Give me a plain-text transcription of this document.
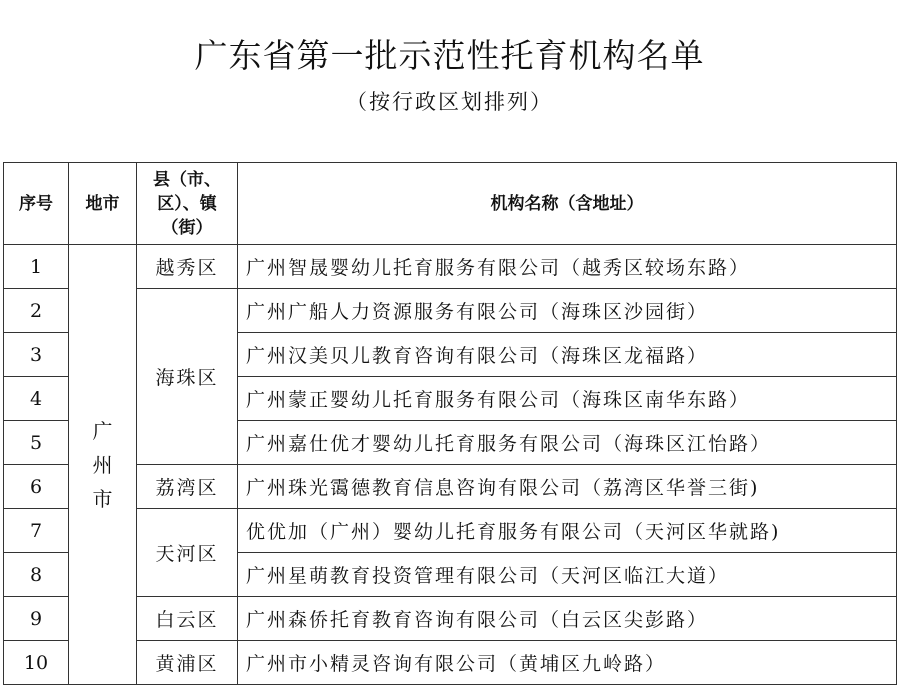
广东省第一批示范性托育机构名单
（按行政区划排列）
序号	地市	县（市、区）、镇（街）	机构名称（含地址）
1	广州市	越秀区	广州智晟婴幼儿托育服务有限公司（越秀区较场东路）
2		海珠区	广州广船人力资源服务有限公司（海珠区沙园街）
3			广州汉美贝儿教育咨询有限公司（海珠区龙福路）
4			广州蒙正婴幼儿托育服务有限公司（海珠区南华东路）
5			广州嘉仕优才婴幼儿托育服务有限公司（海珠区江怡路）
6		荔湾区	广州珠光霭德教育信息咨询有限公司（荔湾区华誉三街)
7		天河区	优优加（广州）婴幼儿托育服务有限公司（天河区华就路)
8			广州星萌教育投资管理有限公司（天河区临江大道）
9		白云区	广州森侨托育教育咨询有限公司（白云区尖彭路）
10		黄浦区	广州市小精灵咨询有限公司（黄埔区九岭路）
